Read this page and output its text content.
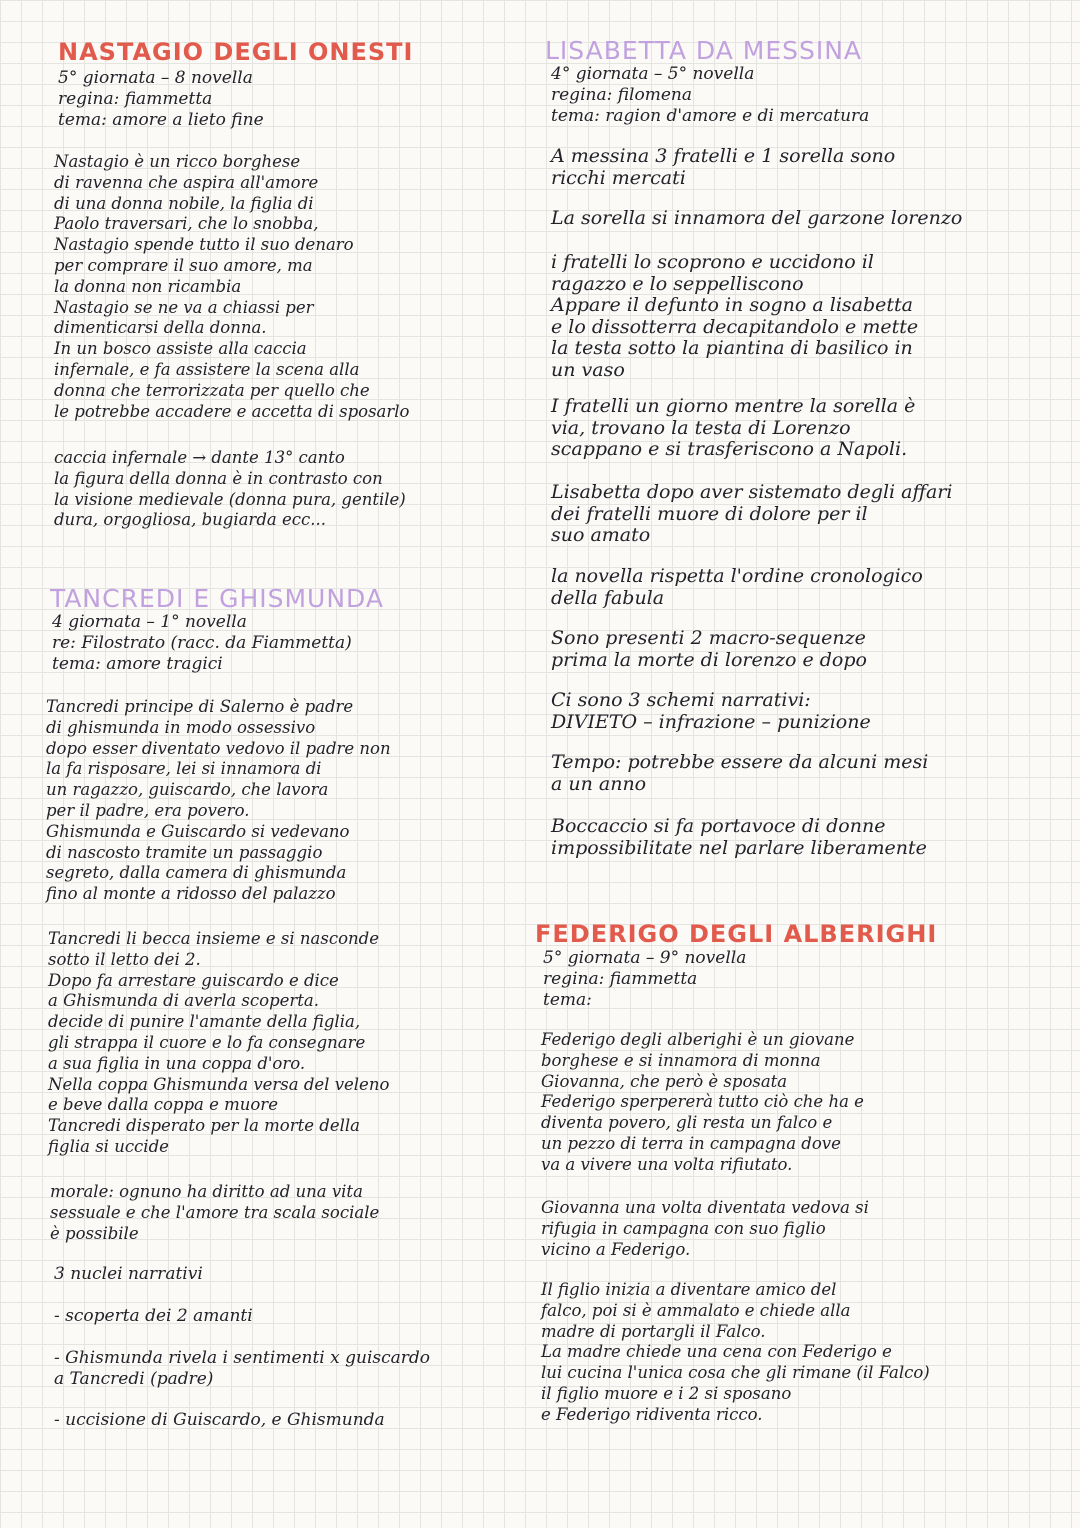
NASTAGIO DEGLI ONESTI
5° giornata – 8 novella
regina: fiammetta
tema: amore a lieto fine
Nastagio è un ricco borghese
di ravenna che aspira all'amore
di una donna nobile, la figlia di
Paolo traversari, che lo snobba,
Nastagio spende tutto il suo denaro
per comprare il suo amore, ma
la donna non ricambia
Nastagio se ne va a chiassi per
dimenticarsi della donna.
In un bosco assiste alla caccia
infernale, e fa assistere la scena alla
donna che terrorizzata per quello che
le potrebbe accadere e accetta di sposarlo
caccia infernale → dante 13° canto
la figura della donna è in contrasto con
la visione medievale (donna pura, gentile)
dura, orgogliosa, bugiarda ecc...
TANCREDI E GHISMUNDA
4 giornata – 1° novella
re: Filostrato (racc. da Fiammetta)
tema: amore tragici
Tancredi principe di Salerno è padre
di ghismunda in modo ossessivo
dopo esser diventato vedovo il padre non
la fa risposare, lei si innamora di
un ragazzo, guiscardo, che lavora
per il padre, era povero.
Ghismunda e Guiscardo si vedevano
di nascosto tramite un passaggio
segreto, dalla camera di ghismunda
fino al monte a ridosso del palazzo
Tancredi li becca insieme e si nasconde
sotto il letto dei 2.
Dopo fa arrestare guiscardo e dice
a Ghismunda di averla scoperta.
decide di punire l'amante della figlia,
gli strappa il cuore e lo fa consegnare
a sua figlia in una coppa d'oro.
Nella coppa Ghismunda versa del veleno
e beve dalla coppa e muore
Tancredi disperato per la morte della
figlia si uccide
morale: ognuno ha diritto ad una vita
sessuale e che l'amore tra scala sociale
è possibile
3 nuclei narrativi
- scoperta dei 2 amanti
- Ghismunda rivela i sentimenti x guiscardo
a Tancredi (padre)
- uccisione di Guiscardo, e Ghismunda
LISABETTA DA MESSINA
4° giornata – 5° novella
regina: filomena
tema: ragion d'amore e di mercatura
A messina 3 fratelli e 1 sorella sono
ricchi mercati
La sorella si innamora del garzone lorenzo
i fratelli lo scoprono e uccidono il
ragazzo e lo seppelliscono
Appare il defunto in sogno a lisabetta
e lo dissotterra decapitandolo e mette
la testa sotto la piantina di basilico in
un vaso
I fratelli un giorno mentre la sorella è
via, trovano la testa di Lorenzo
scappano e si trasferiscono a Napoli.
Lisabetta dopo aver sistemato degli affari
dei fratelli muore di dolore per il
suo amato
la novella rispetta l'ordine cronologico
della fabula
Sono presenti 2 macro-sequenze
prima la morte di lorenzo e dopo
Ci sono 3 schemi narrativi:
DIVIETO – infrazione – punizione
Tempo: potrebbe essere da alcuni mesi
a un anno
Boccaccio si fa portavoce di donne
impossibilitate nel parlare liberamente
FEDERIGO DEGLI ALBERIGHI
5° giornata – 9° novella
regina: fiammetta
tema:
Federigo degli alberighi è un giovane
borghese e si innamora di monna
Giovanna, che però è sposata
Federigo sperpererà tutto ciò che ha e
diventa povero, gli resta un falco e
un pezzo di terra in campagna dove
va a vivere una volta rifiutato.
Giovanna una volta diventata vedova si
rifugia in campagna con suo figlio
vicino a Federigo.
Il figlio inizia a diventare amico del
falco, poi si è ammalato e chiede alla
madre di portargli il Falco.
La madre chiede una cena con Federigo e
lui cucina l'unica cosa che gli rimane (il Falco)
il figlio muore e i 2 si sposano
e Federigo ridiventa ricco.
